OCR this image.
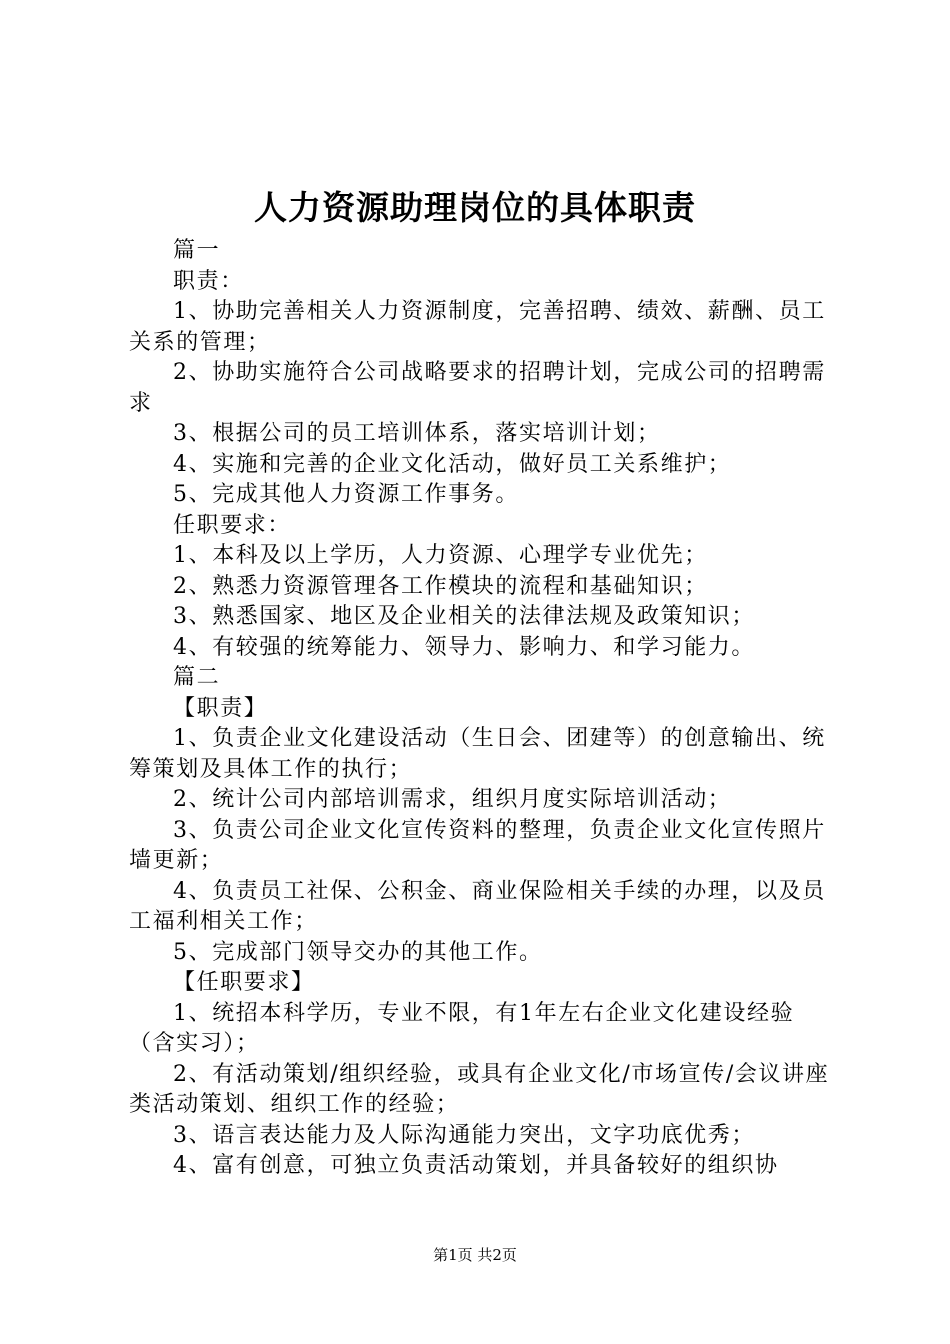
人力资源助理岗位的具体职责

篇一

职责：

1、协助完善相关人力资源制度，完善招聘、绩效、薪酬、员工关系的管理；

2、协助实施符合公司战略要求的招聘计划，完成公司的招聘需求

3、根据公司的员工培训体系，落实培训计划；

4、实施和完善的企业文化活动，做好员工关系维护；

5、完成其他人力资源工作事务。

任职要求：

1、本科及以上学历，人力资源、心理学专业优先；

2、熟悉力资源管理各工作模块的流程和基础知识；

3、熟悉国家、地区及企业相关的法律法规及政策知识；

4、有较强的统筹能力、领导力、影响力、和学习能力。

篇二

【职责】

1、负责企业文化建设活动（生日会、团建等）的创意输出、统筹策划及具体工作的执行；

2、统计公司内部培训需求，组织月度实际培训活动；

3、负责公司企业文化宣传资料的整理，负责企业文化宣传照片墙更新；

4、负责员工社保、公积金、商业保险相关手续的办理，以及员工福利相关工作；

5、完成部门领导交办的其他工作。

【任职要求】

1、统招本科学历，专业不限，有1年左右企业文化建设经验（含实习）；

2、有活动策划/组织经验，或具有企业文化/市场宣传/会议讲座类活动策划、组织工作的经验；

3、语言表达能力及人际沟通能力突出，文字功底优秀；

4、富有创意，可独立负责活动策划，并具备较好的组织协

第1页 共2页
